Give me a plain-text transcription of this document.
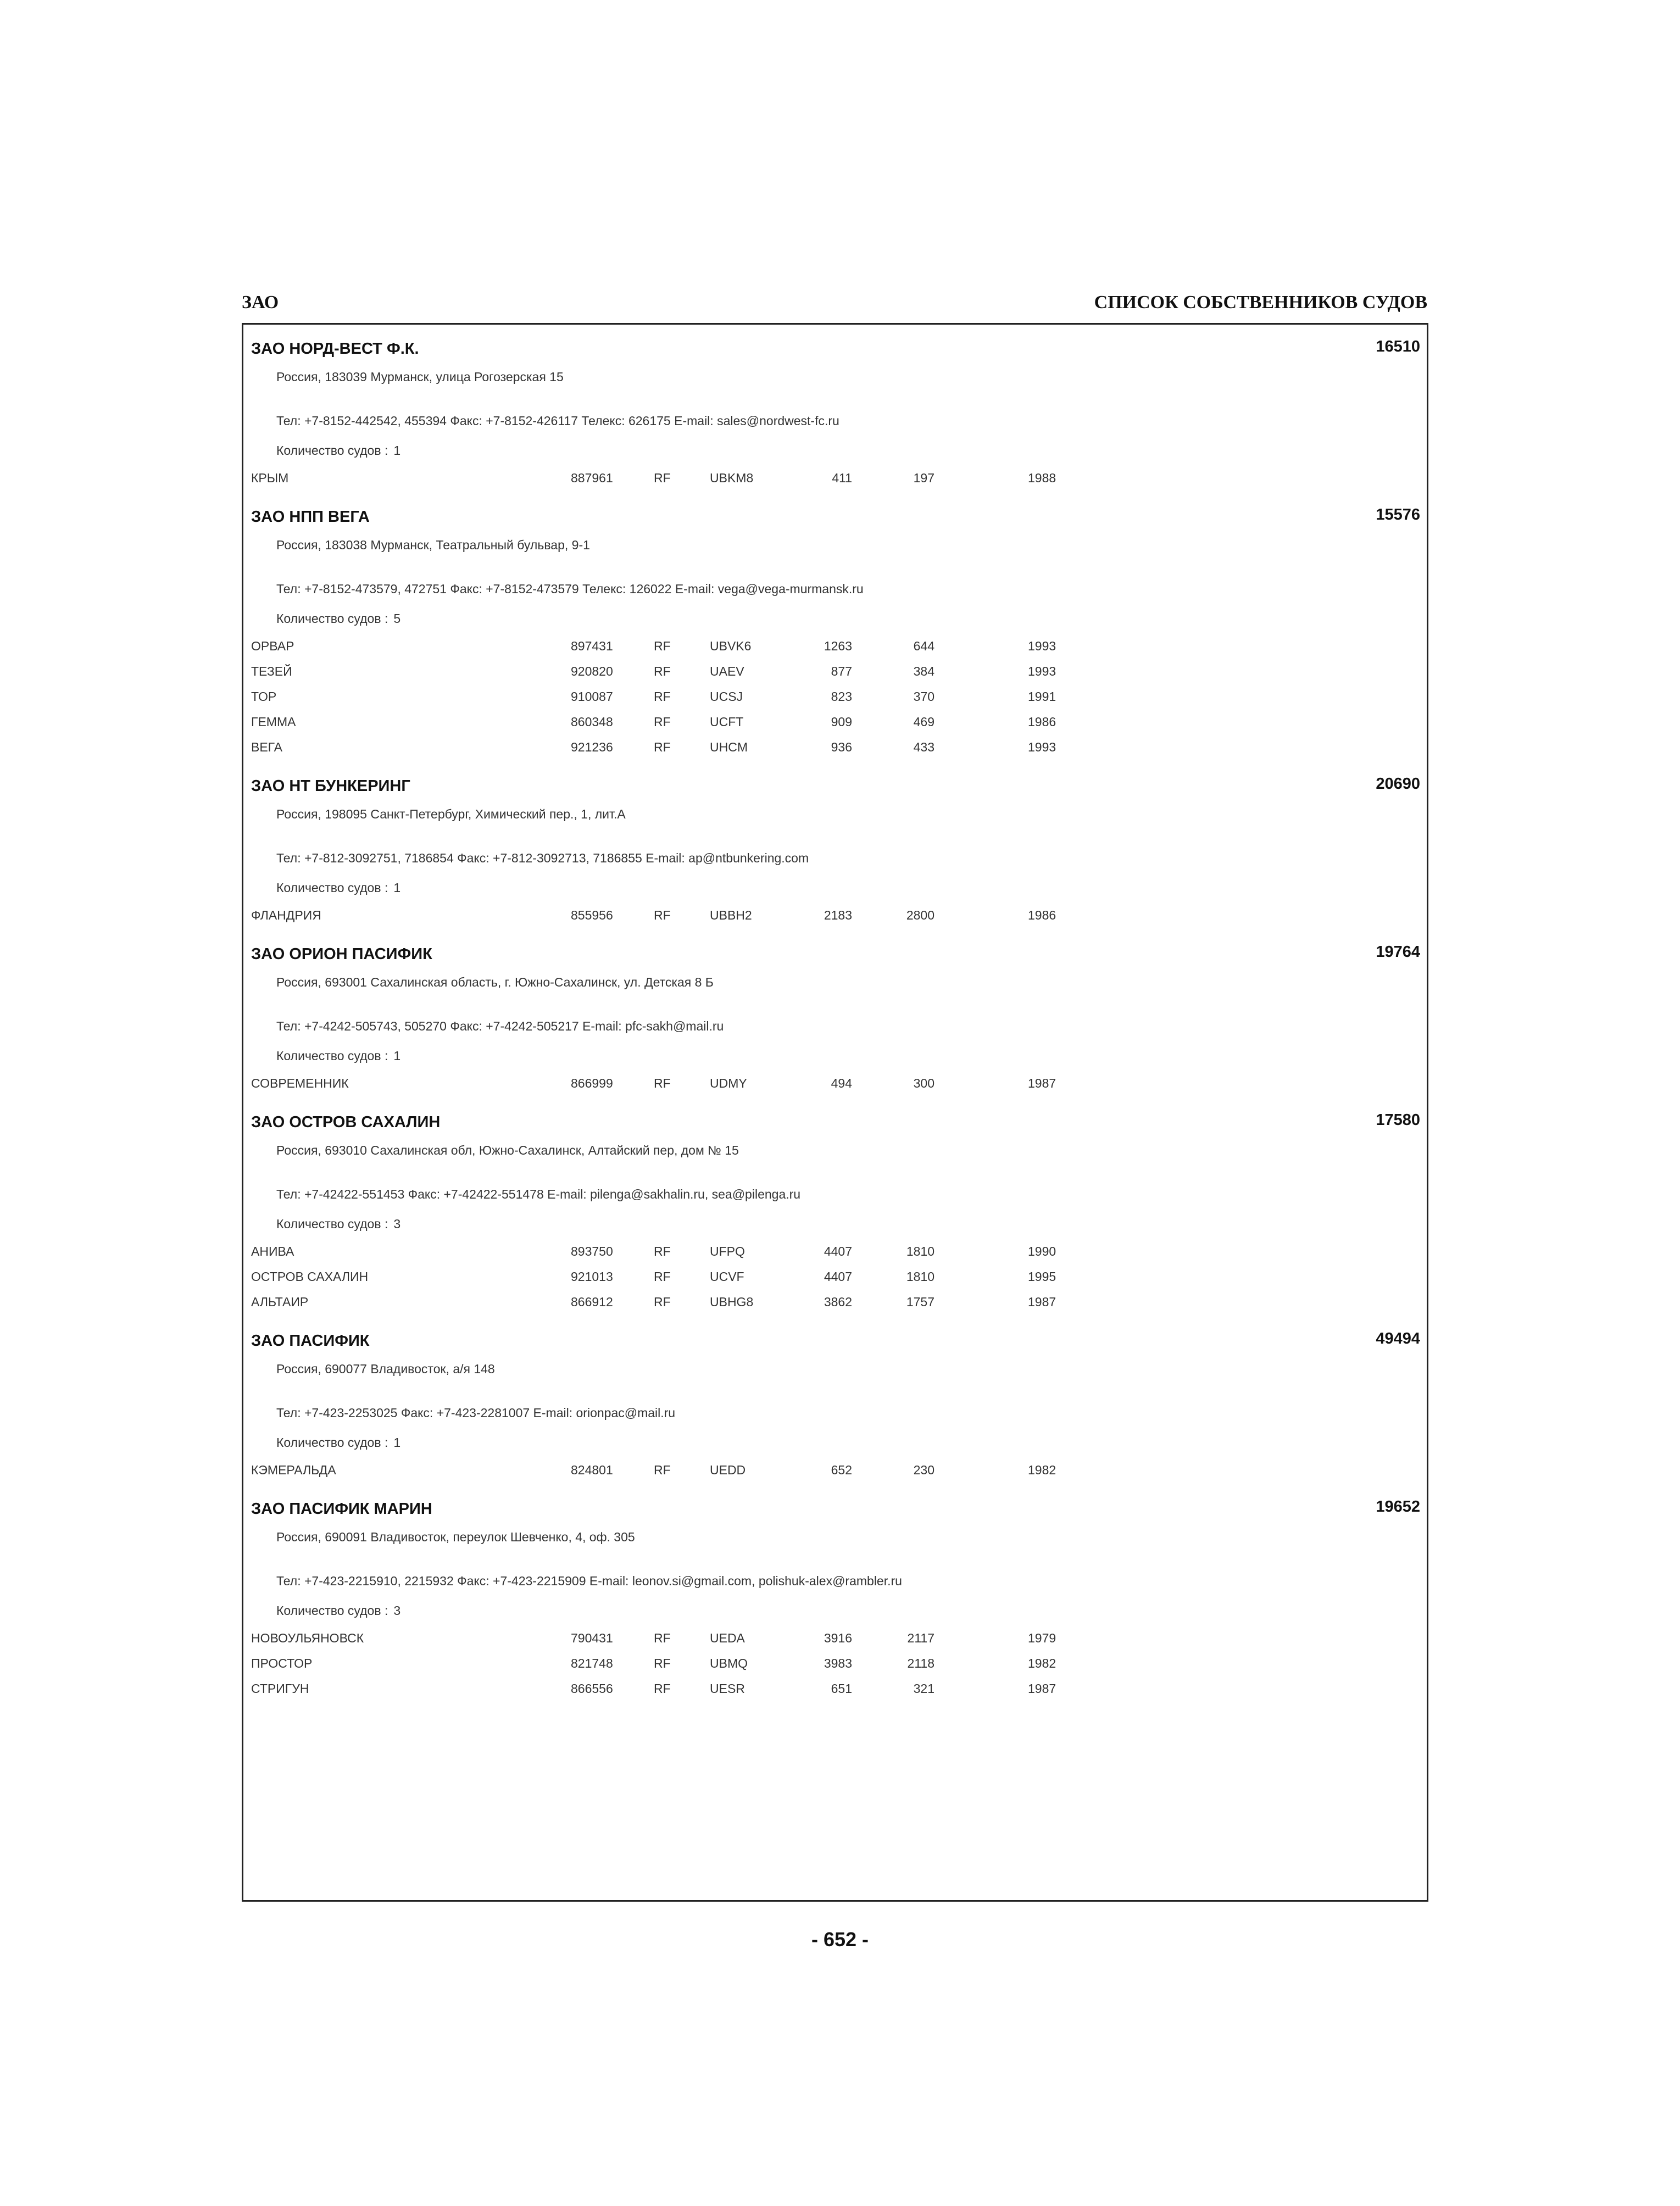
ЗАО	СПИСОК СОБСТВЕННИКОВ СУДОВ
ЗАО НОРД-ВЕСТ Ф.К.	16510
Россия, 183039 Мурманск, улица Рогозерская 15
Тел: +7-8152-442542, 455394 Факс: +7-8152-426117 Телекс: 626175 E-mail: sales@nordwest-fc.ru
Количество судов : 1
КРЫМ	887961	RF	UBKM8	411	197	1988
ЗАО НПП ВЕГА	15576
Россия, 183038 Мурманск, Театральный бульвар, 9-1
Тел: +7-8152-473579, 472751 Факс: +7-8152-473579 Телекс: 126022 E-mail: vega@vega-murmansk.ru
Количество судов : 5
ОРВАР	897431	RF	UBVK6	1263	644	1993
ТЕЗЕЙ	920820	RF	UAEV	877	384	1993
ТОР	910087	RF	UCSJ	823	370	1991
ГЕММА	860348	RF	UCFT	909	469	1986
ВЕГА	921236	RF	UHCM	936	433	1993
ЗАО НТ БУНКЕРИНГ	20690
Россия, 198095 Санкт-Петербург, Химический пер., 1, лит.А
Тел: +7-812-3092751, 7186854 Факс: +7-812-3092713, 7186855 E-mail: ap@ntbunkering.com
Количество судов : 1
ФЛАНДРИЯ	855956	RF	UBBH2	2183	2800	1986
ЗАО ОРИОН ПАСИФИК	19764
Россия, 693001 Сахалинская область, г. Южно-Сахалинск, ул. Детская 8 Б
Тел: +7-4242-505743, 505270 Факс: +7-4242-505217 E-mail: pfc-sakh@mail.ru
Количество судов : 1
СОВРЕМЕННИК	866999	RF	UDMY	494	300	1987
ЗАО ОСТРОВ САХАЛИН	17580
Россия, 693010 Сахалинская обл, Южно-Сахалинск, Алтайский пер, дом № 15
Тел: +7-42422-551453 Факс: +7-42422-551478 E-mail: pilenga@sakhalin.ru, sea@pilenga.ru
Количество судов : 3
АНИВА	893750	RF	UFPQ	4407	1810	1990
ОСТРОВ САХАЛИН	921013	RF	UCVF	4407	1810	1995
АЛЬТАИР	866912	RF	UBHG8	3862	1757	1987
ЗАО ПАСИФИК	49494
Россия, 690077 Владивосток, а/я 148
Тел: +7-423-2253025 Факс: +7-423-2281007 E-mail: orionpac@mail.ru
Количество судов : 1
КЭМЕРАЛЬДА	824801	RF	UEDD	652	230	1982
ЗАО ПАСИФИК МАРИН	19652
Россия, 690091 Владивосток, переулок Шевченко, 4, оф. 305
Тел: +7-423-2215910, 2215932 Факс: +7-423-2215909 E-mail: leonov.si@gmail.com, polishuk-alex@rambler.ru
Количество судов : 3
НОВОУЛЬЯНОВСК	790431	RF	UEDA	3916	2117	1979
ПРОСТОР	821748	RF	UBMQ	3983	2118	1982
СТРИГУН	866556	RF	UESR	651	321	1987
- 652 -
